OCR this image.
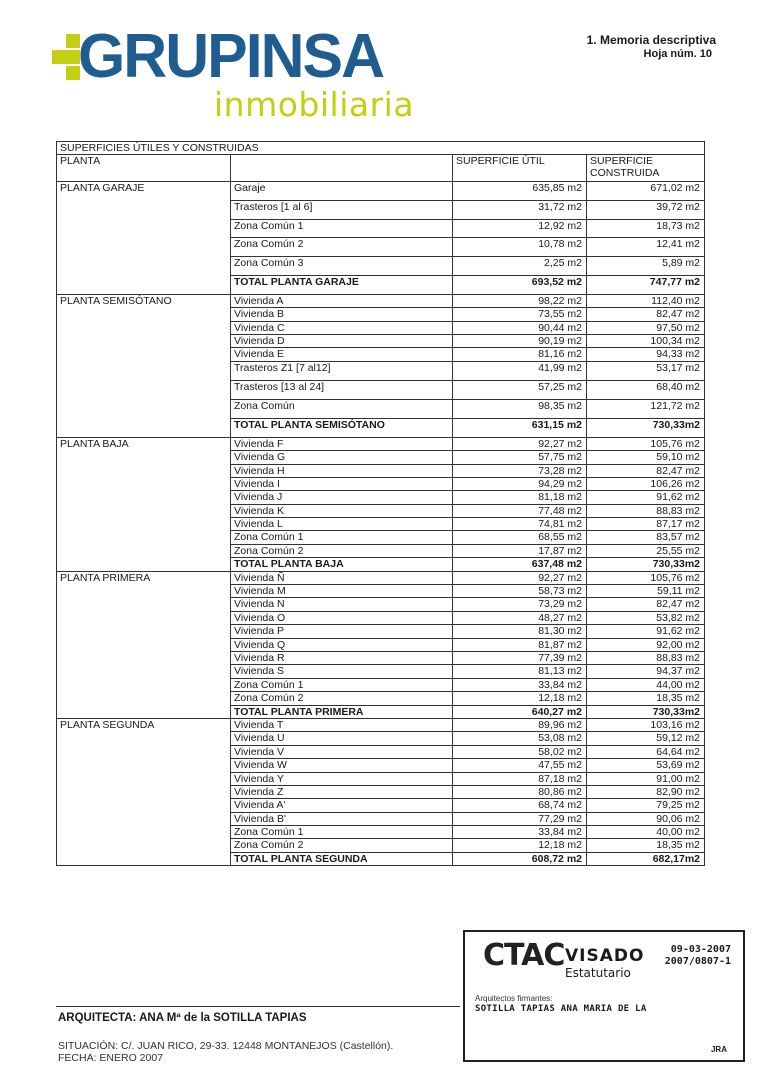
GRUPINSA
inmobiliaria
1. Memoria descriptiva
Hoja núm. 10
SUPERFICIES ÚTILES Y CONSTRUIDAS			
PLANTA		SUPERFICIE ÚTIL	SUPERFICIE CONSTRUIDA
PLANTA GARAJE	Garaje	635,85 m2	671,02 m2
	Trasteros [1 al 6]	31,72 m2	39,72 m2
	Zona Común 1	12,92 m2	18,73 m2
	Zona Común 2	10,78 m2	12,41 m2
	Zona Común 3	2,25 m2	5,89 m2
	TOTAL PLANTA GARAJE	693,52 m2	747,77 m2
PLANTA SEMISÓTANO	Vivienda A	98,22 m2	112,40 m2
	Vivienda B	73,55 m2	82,47 m2
	Vivienda C	90,44 m2	97,50 m2
	Vivienda D	90,19 m2	100,34 m2
	Vivienda E	81,16 m2	94,33 m2
	Trasteros Z1 [7 al12]	41,99 m2	53,17 m2
	Trasteros [13 al 24]	57,25 m2	68,40 m2
	Zona Común	98,35 m2	121,72 m2
	TOTAL PLANTA SEMISÓTANO	631,15 m2	730,33m2
PLANTA BAJA	Vivienda F	92,27 m2	105,76 m2
	Vivienda G	57,75 m2	59,10 m2
	Vivienda H	73,28 m2	82,47 m2
	Vivienda I	94,29 m2	106,26 m2
	Vivienda J	81,18 m2	91,62 m2
	Vivienda K	77,48 m2	88,83 m2
	Vivienda L	74,81 m2	87,17 m2
	Zona Común 1	68,55 m2	83,57 m2
	Zona Común 2	17,87 m2	25,55 m2
	TOTAL PLANTA BAJA	637,48 m2	730,33m2
PLANTA PRIMERA	Vivienda Ñ	92,27 m2	105,76 m2
	Vivienda M	58,73 m2	59,11 m2
	Vivienda N	73,29 m2	82,47 m2
	Vivienda O	48,27 m2	53,82 m2
	Vivienda P	81,30 m2	91,62 m2
	Vivienda Q	81,87 m2	92,00 m2
	Vivienda R	77,39 m2	88,83 m2
	Vivienda S	81,13 m2	94,37 m2
	Zona Común 1	33,84 m2	44,00 m2
	Zona Común 2	12,18 m2	18,35 m2
	TOTAL PLANTA PRIMERA	640,27 m2	730,33m2
PLANTA SEGUNDA	Vivienda T	89,96 m2	103,16 m2
	Vivienda U	53,08 m2	59,12 m2
	Vivienda V	58,02 m2	64,64 m2
	Vivienda W	47,55 m2	53,69 m2
	Vivienda Y	87,18 m2	91,00 m2
	Vivienda Z	80,86 m2	82,90 m2
	Vivienda A'	68,74 m2	79,25 m2
	Vivienda B'	77,29 m2	90,06 m2
	Zona Común 1	33,84 m2	40,00 m2
	Zona Común 2	12,18 m2	18,35 m2
	TOTAL PLANTA SEGUNDA	608,72 m2	682,17m2
CTAC VISADO
Estatutario
09-03-2007
2007/0807-1
Arquitectos firmantes:
SOTILLA TAPIAS ANA MARIA DE LA
JRA
ARQUITECTA: ANA Mª de la SOTILLA TAPIAS
SITUACIÓN: C/. JUAN RICO, 29-33. 12448 MONTANEJOS (Castellón).
FECHA: ENERO 2007
